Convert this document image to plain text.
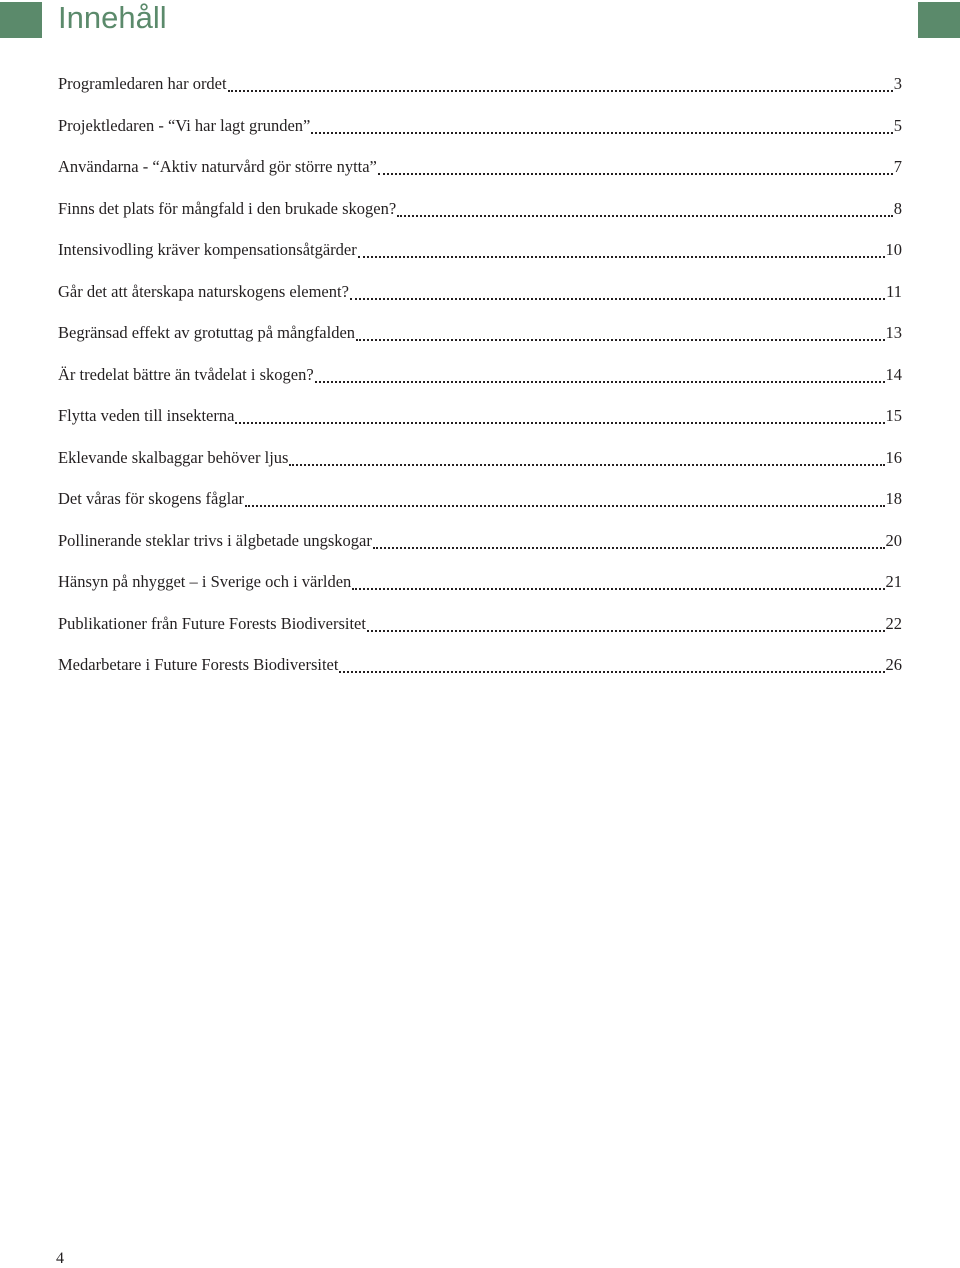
Innehåll
Programledaren har ordet	3
Projektledaren - “Vi har lagt grunden”	5
Användarna - “Aktiv naturvård gör större nytta”	7
Finns det plats för mångfald i den brukade skogen?	8
Intensivodling kräver kompensationsåtgärder	10
Går det att återskapa naturskogens element?	11
Begränsad effekt av grotuttag på mångfalden	13
Är tredelat bättre än tvådelat i skogen?	14
Flytta veden till insekterna	15
Eklevande skalbaggar behöver ljus	16
Det våras för skogens fåglar	18
Pollinerande steklar trivs i älgbetade ungskogar	20
Hänsyn på nhygget – i Sverige och i världen	21
Publikationer från Future Forests Biodiversitet	22
Medarbetare i Future Forests Biodiversitet	26
4
